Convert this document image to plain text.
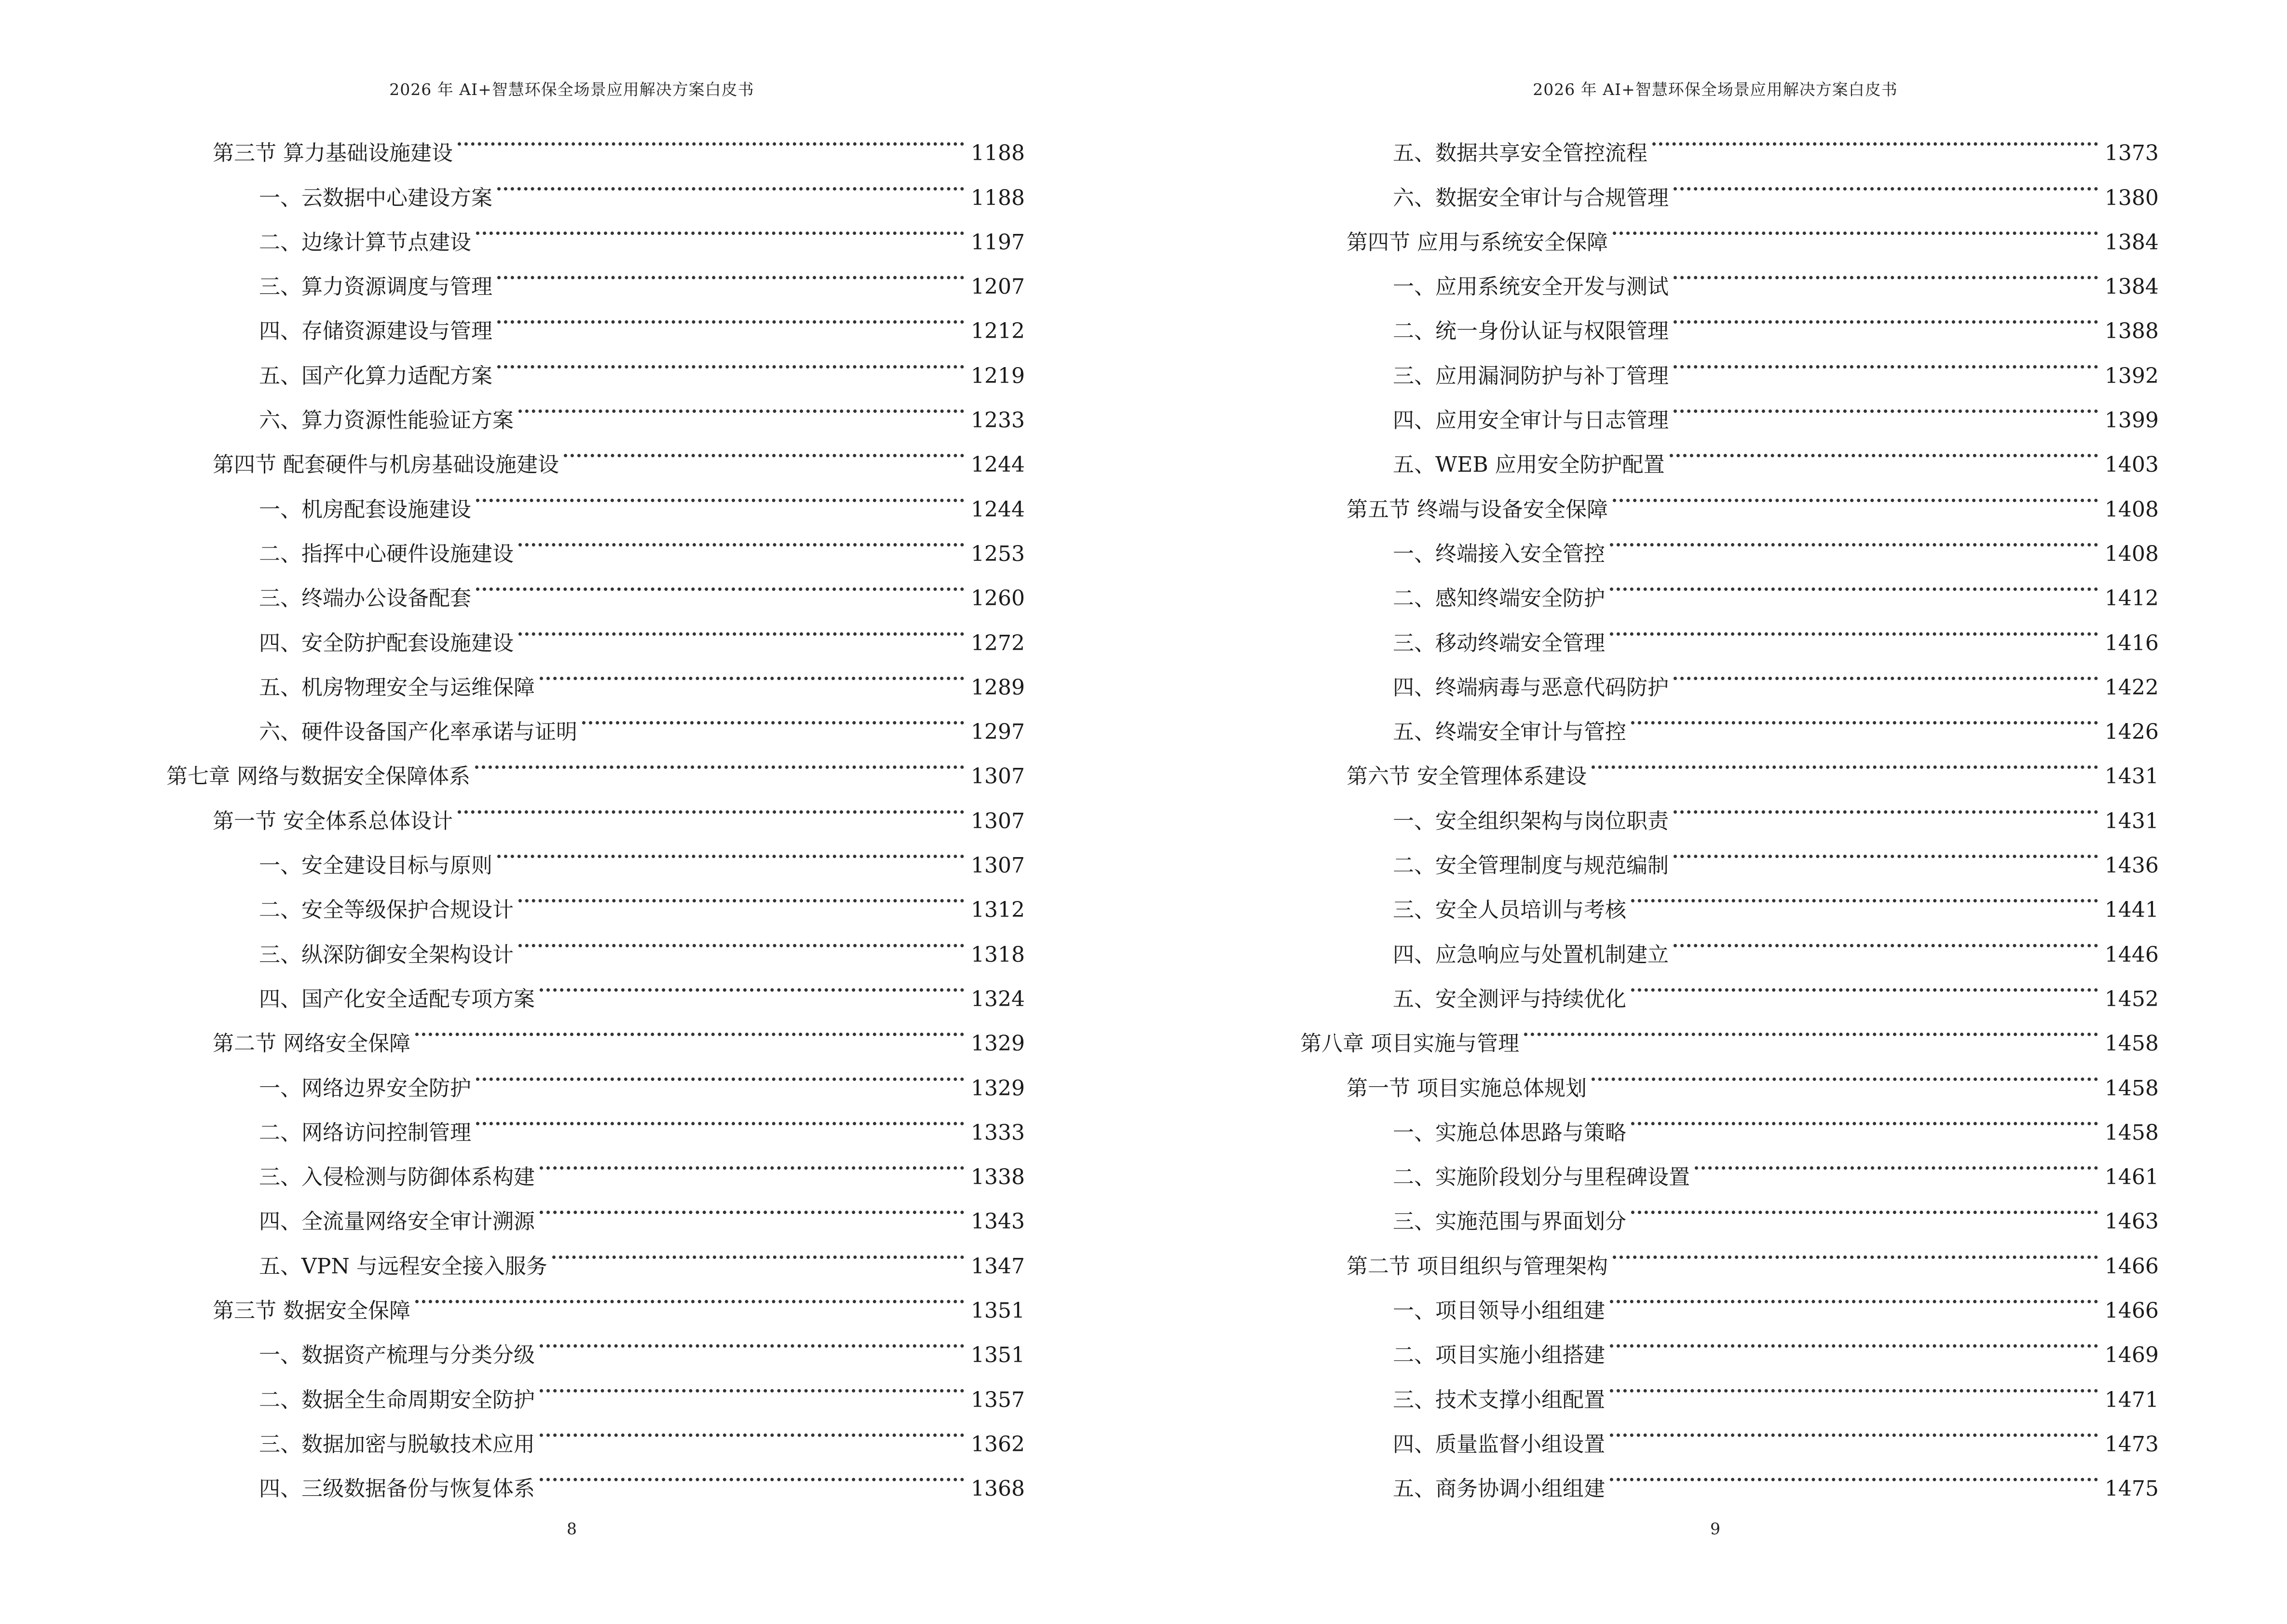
2026 年 AI+智慧环保全场景应用解决方案白皮书
第三节 算力基础设施建设	1188
一、云数据中心建设方案	1188
二、边缘计算节点建设	1197
三、算力资源调度与管理	1207
四、存储资源建设与管理	1212
五、国产化算力适配方案	1219
六、算力资源性能验证方案	1233
第四节 配套硬件与机房基础设施建设	1244
一、机房配套设施建设	1244
二、指挥中心硬件设施建设	1253
三、终端办公设备配套	1260
四、安全防护配套设施建设	1272
五、机房物理安全与运维保障	1289
六、硬件设备国产化率承诺与证明	1297
第七章 网络与数据安全保障体系	1307
第一节 安全体系总体设计	1307
一、安全建设目标与原则	1307
二、安全等级保护合规设计	1312
三、纵深防御安全架构设计	1318
四、国产化安全适配专项方案	1324
第二节 网络安全保障	1329
一、网络边界安全防护	1329
二、网络访问控制管理	1333
三、入侵检测与防御体系构建	1338
四、全流量网络安全审计溯源	1343
五、VPN 与远程安全接入服务	1347
第三节 数据安全保障	1351
一、数据资产梳理与分类分级	1351
二、数据全生命周期安全防护	1357
三、数据加密与脱敏技术应用	1362
四、三级数据备份与恢复体系	1368
8
2026 年 AI+智慧环保全场景应用解决方案白皮书
五、数据共享安全管控流程	1373
六、数据安全审计与合规管理	1380
第四节 应用与系统安全保障	1384
一、应用系统安全开发与测试	1384
二、统一身份认证与权限管理	1388
三、应用漏洞防护与补丁管理	1392
四、应用安全审计与日志管理	1399
五、WEB 应用安全防护配置	1403
第五节 终端与设备安全保障	1408
一、终端接入安全管控	1408
二、感知终端安全防护	1412
三、移动终端安全管理	1416
四、终端病毒与恶意代码防护	1422
五、终端安全审计与管控	1426
第六节 安全管理体系建设	1431
一、安全组织架构与岗位职责	1431
二、安全管理制度与规范编制	1436
三、安全人员培训与考核	1441
四、应急响应与处置机制建立	1446
五、安全测评与持续优化	1452
第八章 项目实施与管理	1458
第一节 项目实施总体规划	1458
一、实施总体思路与策略	1458
二、实施阶段划分与里程碑设置	1461
三、实施范围与界面划分	1463
第二节 项目组织与管理架构	1466
一、项目领导小组组建	1466
二、项目实施小组搭建	1469
三、技术支撑小组配置	1471
四、质量监督小组设置	1473
五、商务协调小组组建	1475
9
